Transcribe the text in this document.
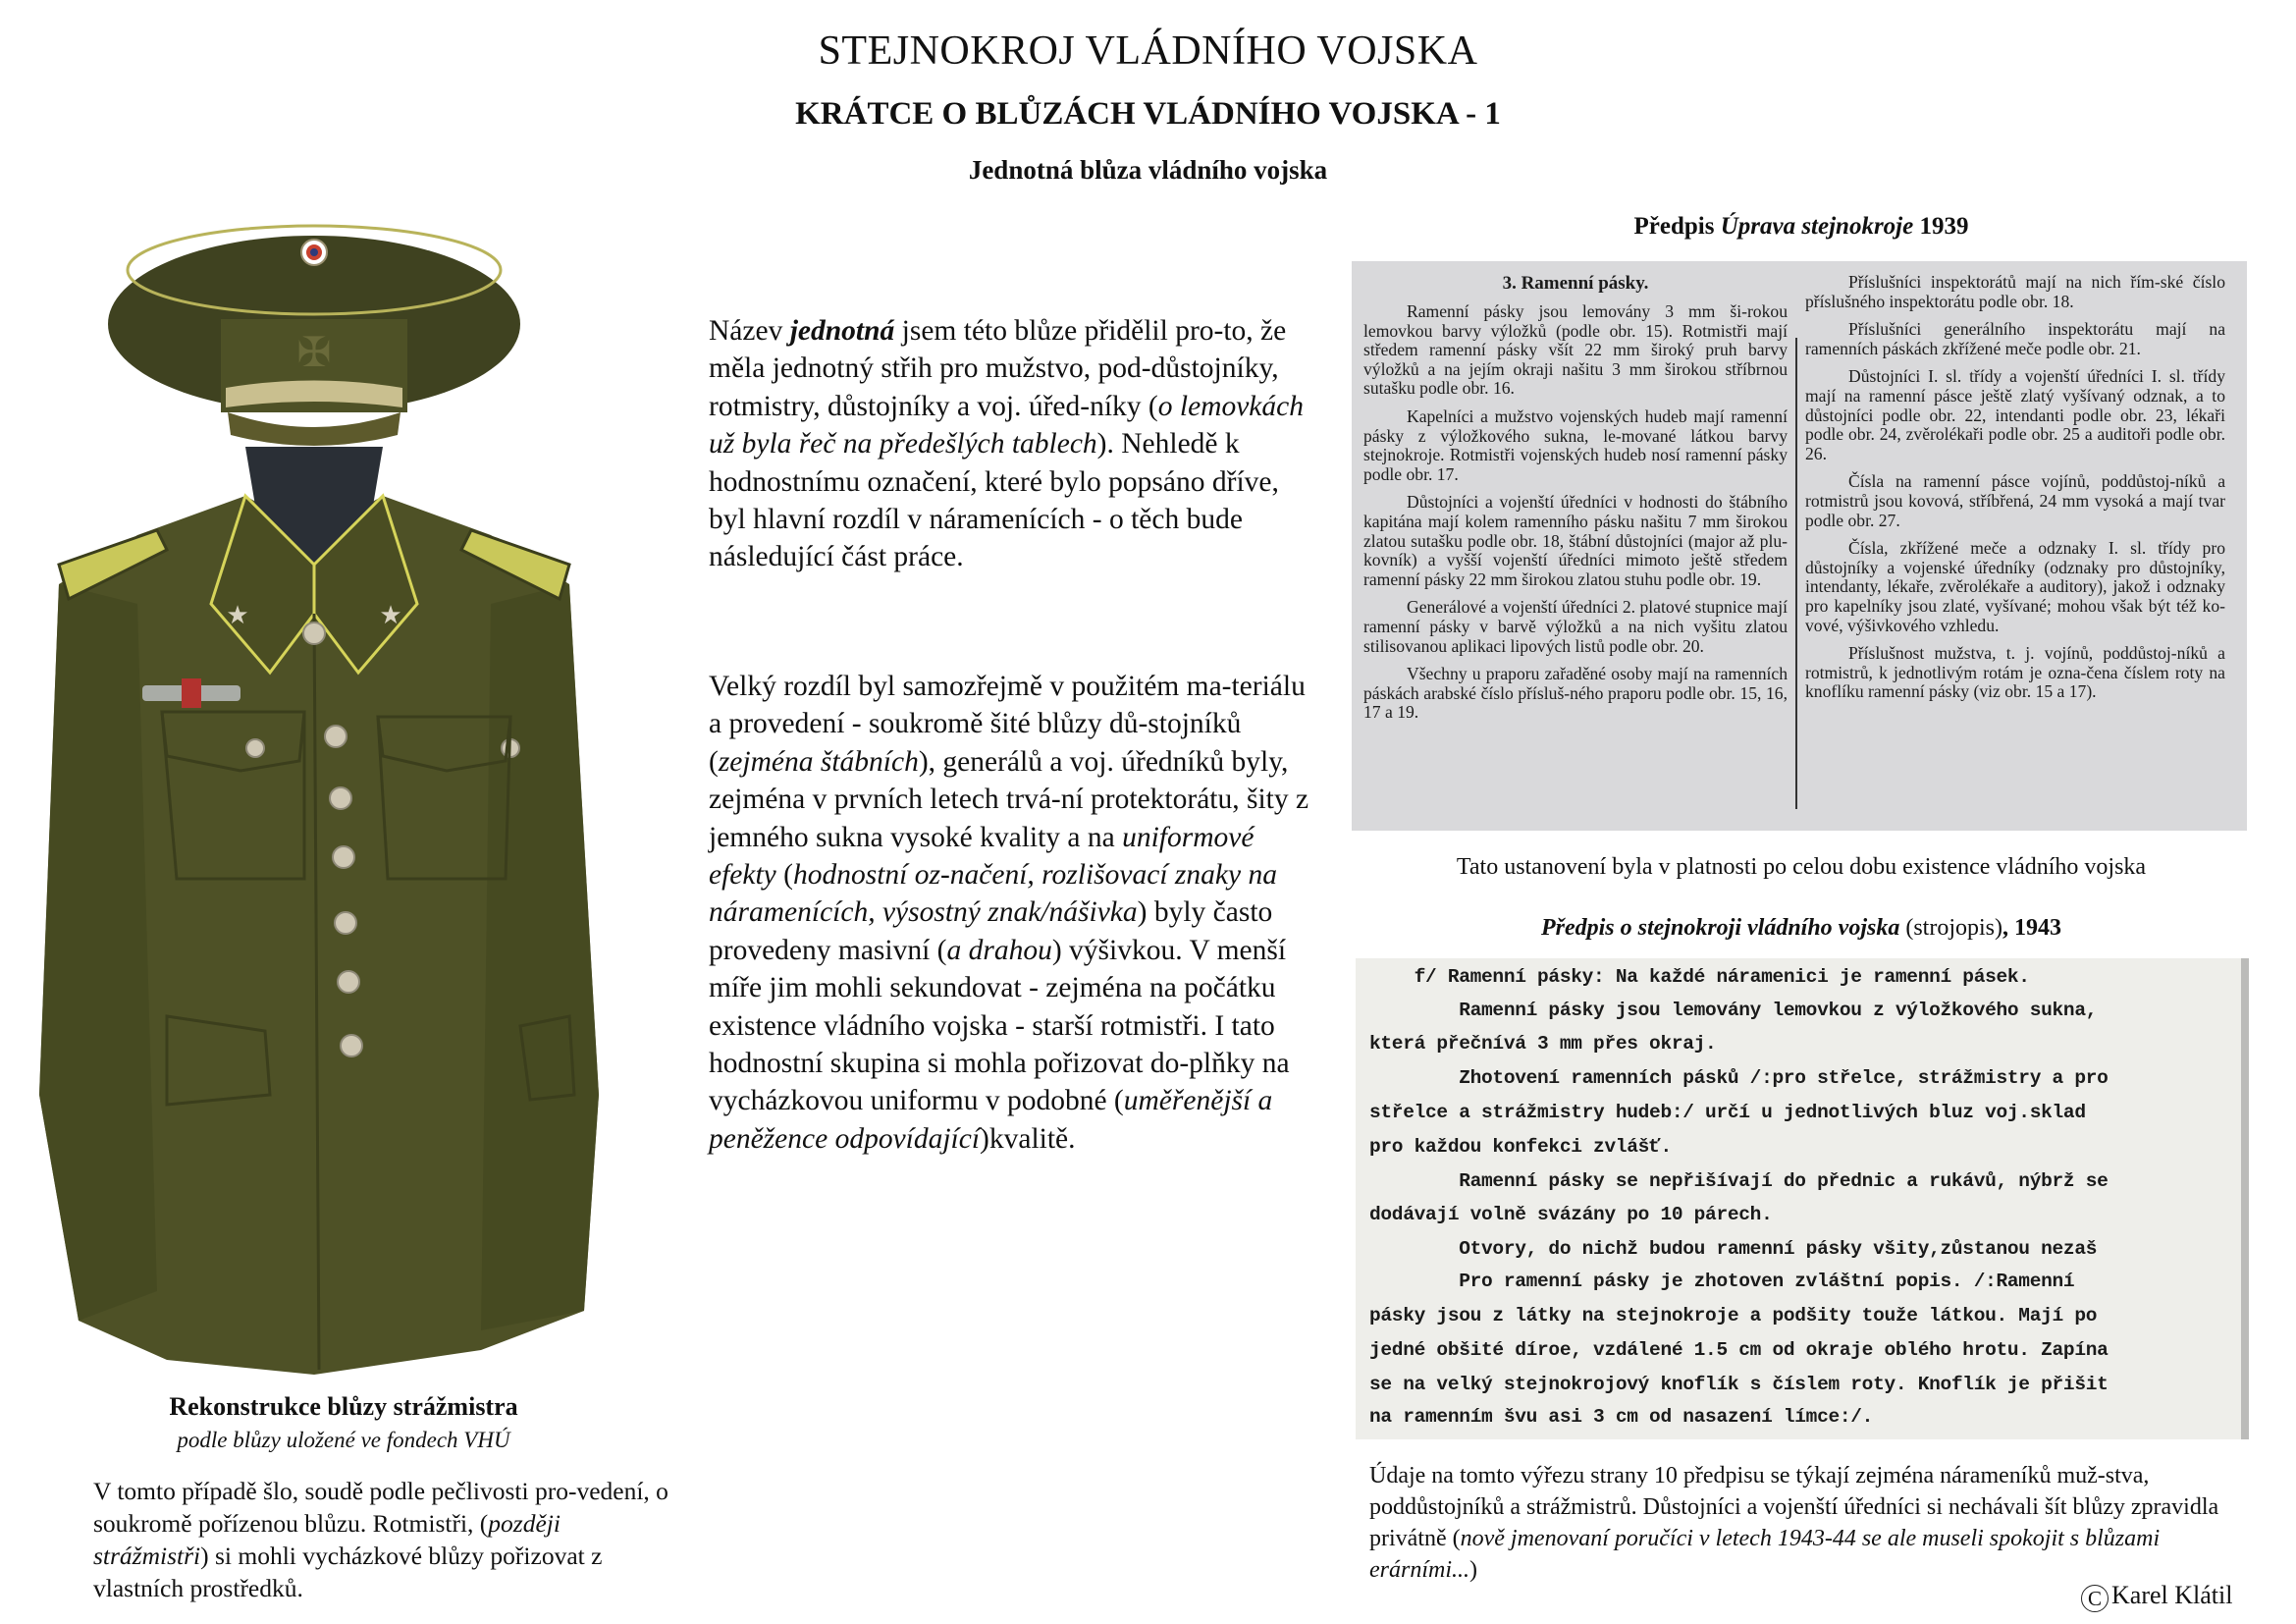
STEJNOKROJ VLÁDNÍHO VOJSKA
KRÁTCE O BLŮZÁCH VLÁDNÍHO VOJSKA - 1
Jednotná blůza vládního vojska
★	★
✠
Rekonstrukce blůzy strážmistra
podle blůzy uložené ve fondech VHÚ
V tomto případě šlo, soudě podle pečlivosti pro-vedení, o soukromě pořízenou blůzu. Rotmistři, (později strážmistři) si mohli vycházkové blůzy pořizovat z vlastních prostředků.
Název jednotná jsem této blůze přidělil pro-to, že měla jednotný střih pro mužstvo, pod-důstojníky, rotmistry, důstojníky a voj. úřed-níky (o lemovkách už byla řeč na předešlých tablech). Nehledě k hodnostnímu označení, které bylo popsáno dříve, byl hlavní rozdíl v náramenících - o těch bude následující část práce.
Velký rozdíl byl samozřejmě v použitém ma-teriálu a provedení - soukromě šité blůzy dů-stojníků (zejména štábních), generálů a voj. úředníků byly, zejména v prvních letech trvá-ní protektorátu, šity z jemného sukna vysoké kvality a na uniformové efekty (hodnostní oz-načení, rozlišovací znaky na náramenících, výsostný znak/nášivka) byly často provedeny masivní (a drahou) výšivkou. V menší míře jim mohli sekundovat - zejména na počátku existence vládního vojska - starší rotmistři. I tato hodnostní skupina si mohla pořizovat do-plňky na vycházkovou uniformu v podobné (uměřenější a peněžence odpovídající)kvalitě.
Předpis Úprava stejnokroje 1939
3. Ramenní pásky.

Ramenní pásky jsou lemovány 3 mm ši-rokou lemovkou barvy výložků (podle obr. 15). Rotmistři mají středem ramenní pásky všít 22 mm široký pruh barvy výložků a na jejím okraji našitu 3 mm širokou stříbrnou sutašku podle obr. 16.

Kapelníci a mužstvo vojenských hudeb mají ramenní pásky z výložkového sukna, le-mované látkou barvy stejnokroje. Rotmistři vojenských hudeb nosí ramenní pásky podle obr. 17.

Důstojníci a vojenští úředníci v hodnosti do štábního kapitána mají kolem ramenního pásku našitu 7 mm širokou zlatou sutašku podle obr. 18, štábní důstojníci (major až plu-kovník) a vyšší vojenští úředníci mimoto ještě středem ramenní pásky 22 mm širokou zlatou stuhu podle obr. 19.

Generálové a vojenští úředníci 2. platové stupnice mají ramenní pásky v barvě výložků a na nich vyšitu zlatou stilisovanou aplikaci lipových listů podle obr. 20.

Všechny u praporu zařaděné osoby mají na ramenních páskách arabské číslo přísluš-ného praporu podle obr. 15, 16, 17 a 19.

Příslušníci inspektorátů mají na nich řím-ské číslo příslušného inspektorátu podle obr. 18.

Příslušníci generálního inspektorátu mají na ramenních páskách zkřížené meče podle obr. 21.

Důstojníci I. sl. třídy a vojenští úředníci I. sl. třídy mají na ramenní pásce ještě zlatý vyšívaný odznak, a to důstojníci podle obr. 22, intendanti podle obr. 23, lékaři podle obr. 24, zvěrolékaři podle obr. 25 a auditoři podle obr. 26.

Čísla na ramenní pásce vojínů, poddůstoj-níků a rotmistrů jsou kovová, stříbřená, 24 mm vysoká a mají tvar podle obr. 27.

Čísla, zkřížené meče a odznaky I. sl. třídy pro důstojníky a vojenské úředníky (odznaky pro důstojníky, intendanty, lékaře, zvěrolékaře a auditory), jakož i odznaky pro kapelníky jsou zlaté, vyšívané; mohou však být též ko-vové, výšivkového vzhledu.

Příslušnost mužstva, t. j. vojínů, poddůstoj-níků a rotmistrů, k jednotlivým rotám je ozna-čena číslem roty na knoflíku ramenní pásky (viz obr. 15 a 17).

Tato ustanovení byla v platnosti po celou dobu existence vládního vojska
Předpis o stejnokroji vládního vojska (strojopis), 1943
f/ Ramenní pásky: Na každé náramenici je ramenní pásek.
Ramenní pásky jsou lemovány lemovkou z výložkového sukna,
která přečnívá 3 mm přes okraj.
Zhotovení ramenních pásků /:pro střelce, strážmistry a pro
střelce a strážmistry hudeb:/ určí u jednotlivých bluz voj.sklad
pro každou konfekci zvlášť.
Ramenní pásky se nepřišívají do přednic a rukávů, nýbrž se
dodávají volně svázány po 10 párech.
Otvory, do nichž budou ramenní pásky všity,zůstanou nezaš
Pro ramenní pásky je zhotoven zvláštní popis. /:Ramenní
pásky jsou z látky na stejnokroje a podšity touže látkou. Mají po
jedné obšité díroe, vzdálené 1.5 cm od okraje oblého hrotu. Zapína
se na velký stejnokrojový knoflík s číslem roty. Knoflík je přišit
na ramenním švu asi 3 cm od nasazení límce:/.
Údaje na tomto výřezu strany 10 předpisu se týkají zejména nárameníků muž-stva, poddůstojníků a strážmistrů. Důstojníci a vojenští úředníci si nechávali šít blůzy zpravidla privátně (nově jmenovaní poručíci v letech 1943-44 se ale museli spokojit s blůzami erárními...)
C Karel Klátil
